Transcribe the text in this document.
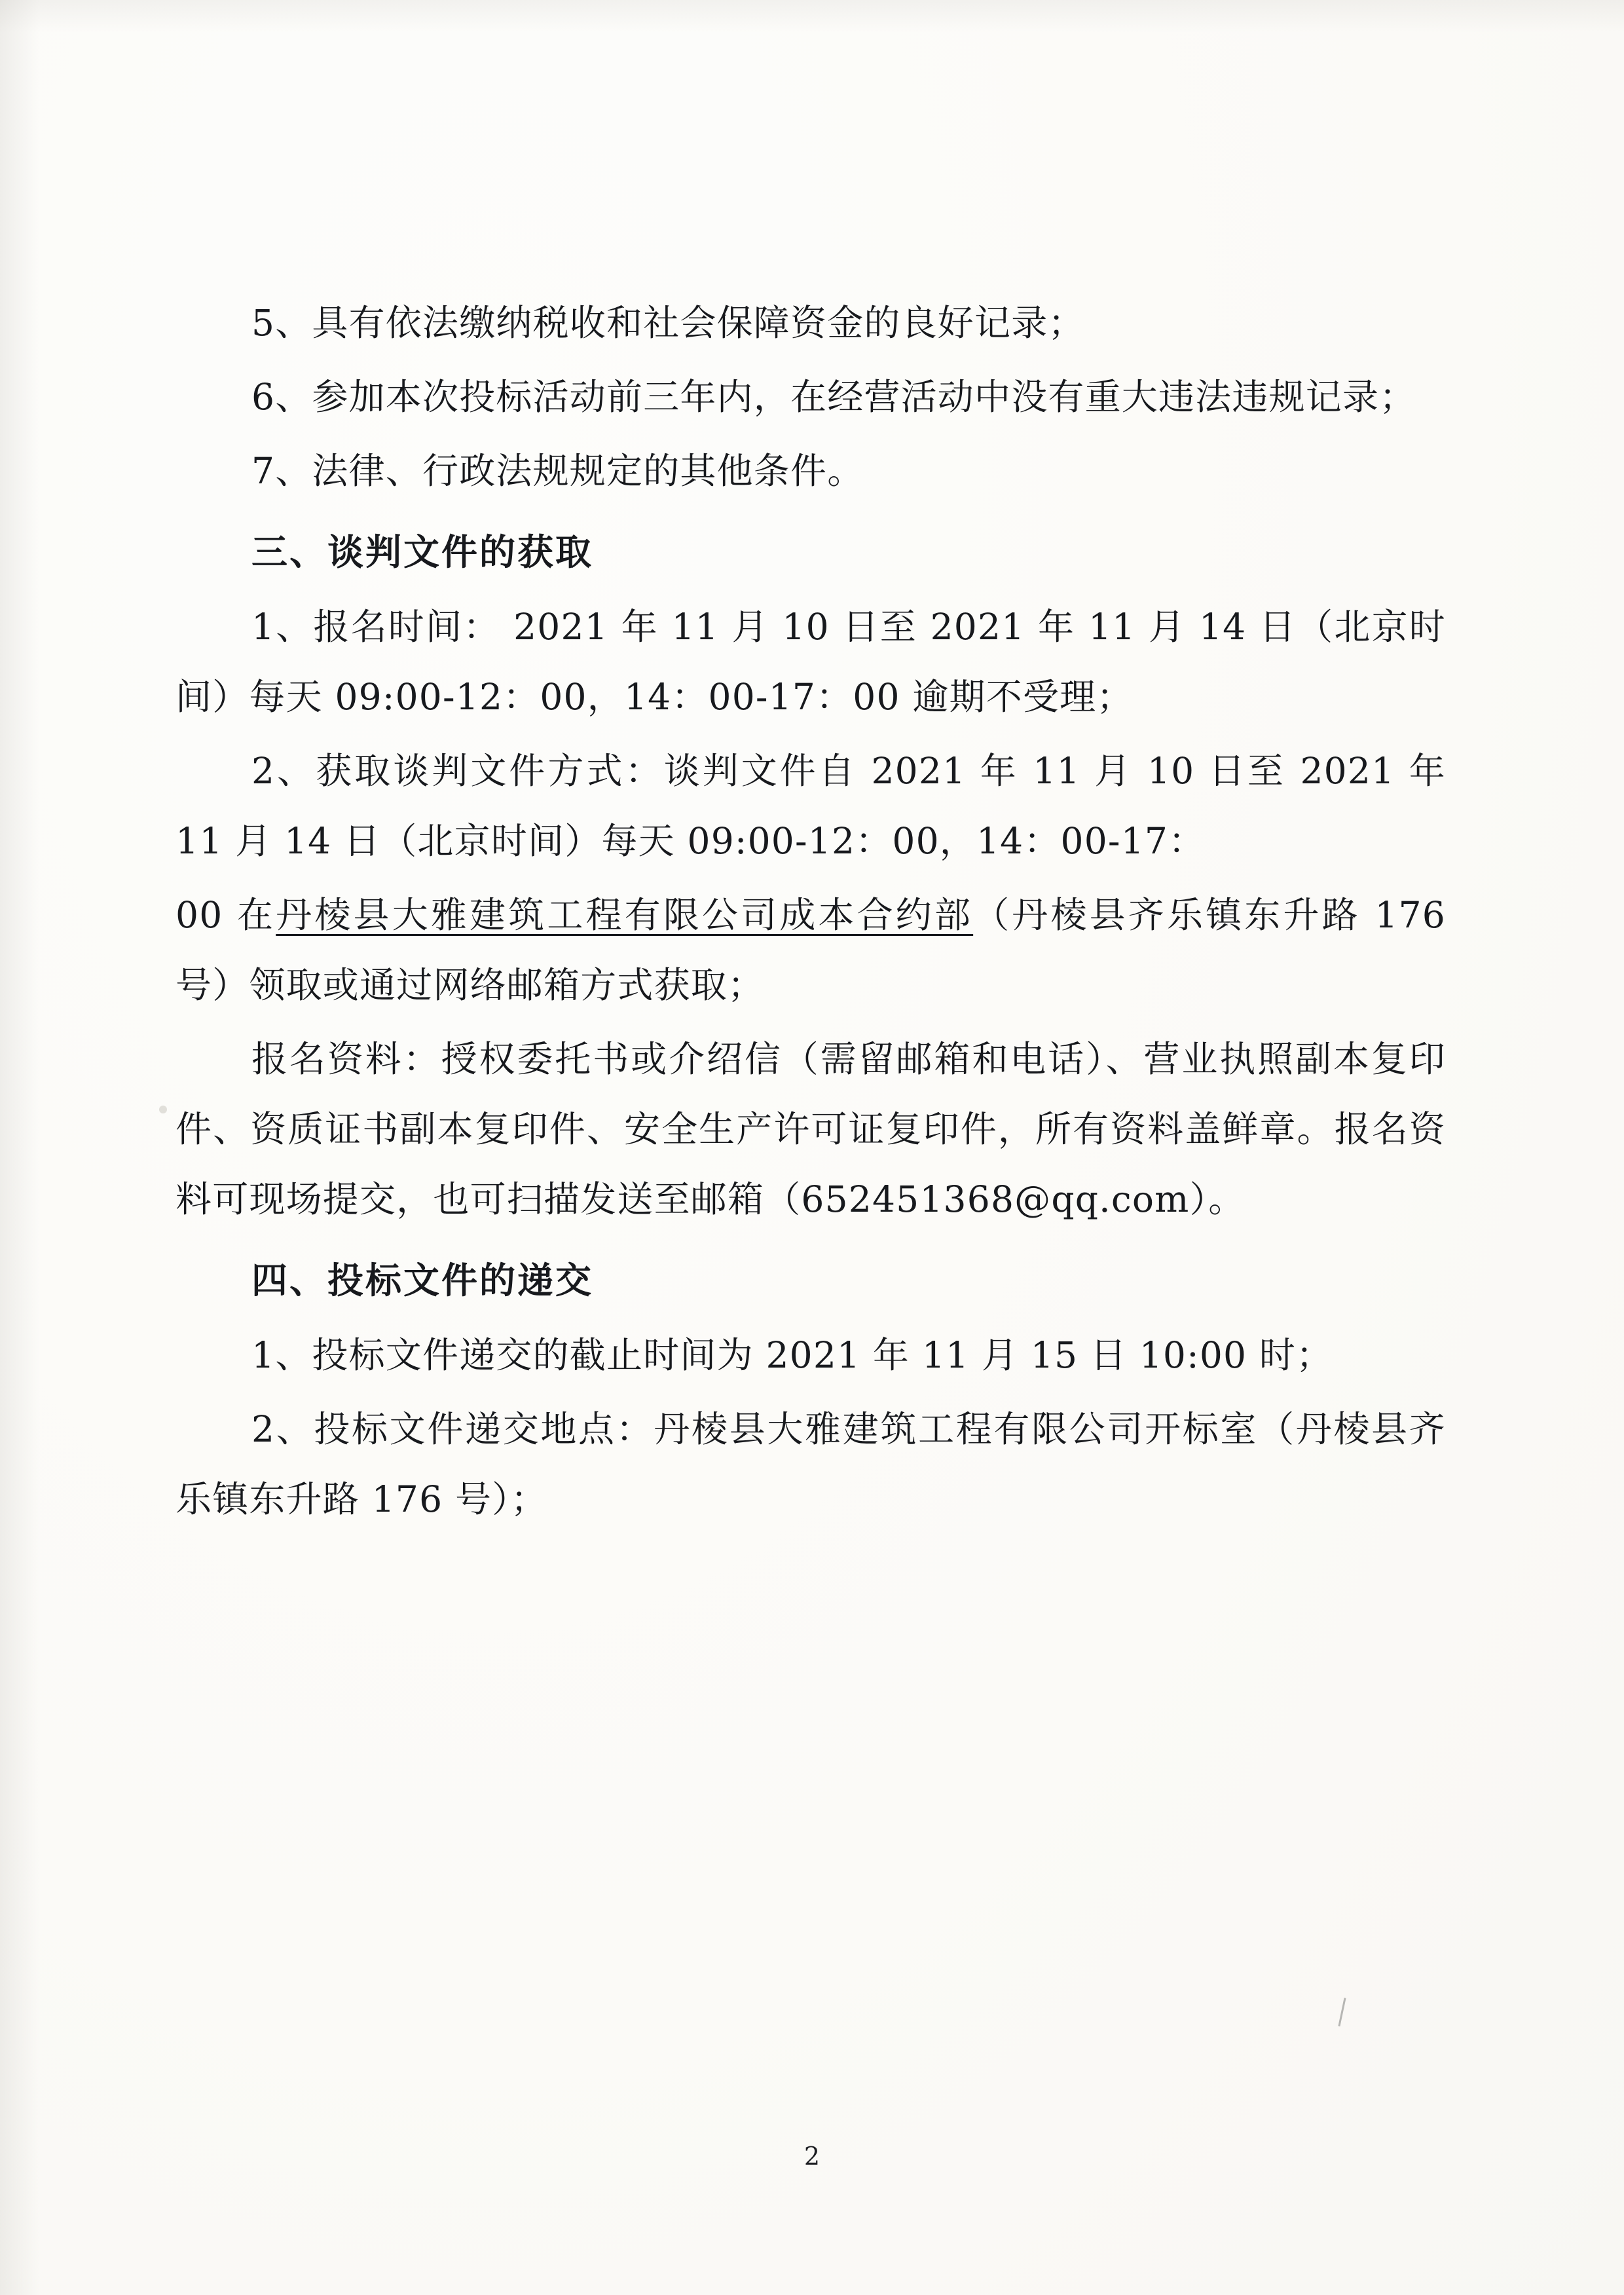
5、具有依法缴纳税收和社会保障资金的良好记录；

6、参加本次投标活动前三年内，在经营活动中没有重大违法违规记录；

7、法律、行政法规规定的其他条件。

三、谈判文件的获取

1、报名时间： 2021 年 11 月 10 日至 2021 年 11 月 14 日（北京时间）每天 09:00-12：00，14：00-17：00 逾期不受理；

2、获取谈判文件方式：谈判文件自 2021 年 11 月 10 日至 2021 年 11 月 14 日（北京时间）每天 09:00-12：00，14：00-17：

00 在丹棱县大雅建筑工程有限公司成本合约部（丹棱县齐乐镇东升路 176 号）领取或通过网络邮箱方式获取；

报名资料：授权委托书或介绍信（需留邮箱和电话）、营业执照副本复印件、资质证书副本复印件、安全生产许可证复印件，所有资料盖鲜章。报名资料可现场提交，也可扫描发送至邮箱（652451368@qq.com）。

四、投标文件的递交

1、投标文件递交的截止时间为 2021 年 11 月 15 日 10:00 时；

2、投标文件递交地点：丹棱县大雅建筑工程有限公司开标室（丹棱县齐乐镇东升路 176 号）；

2
